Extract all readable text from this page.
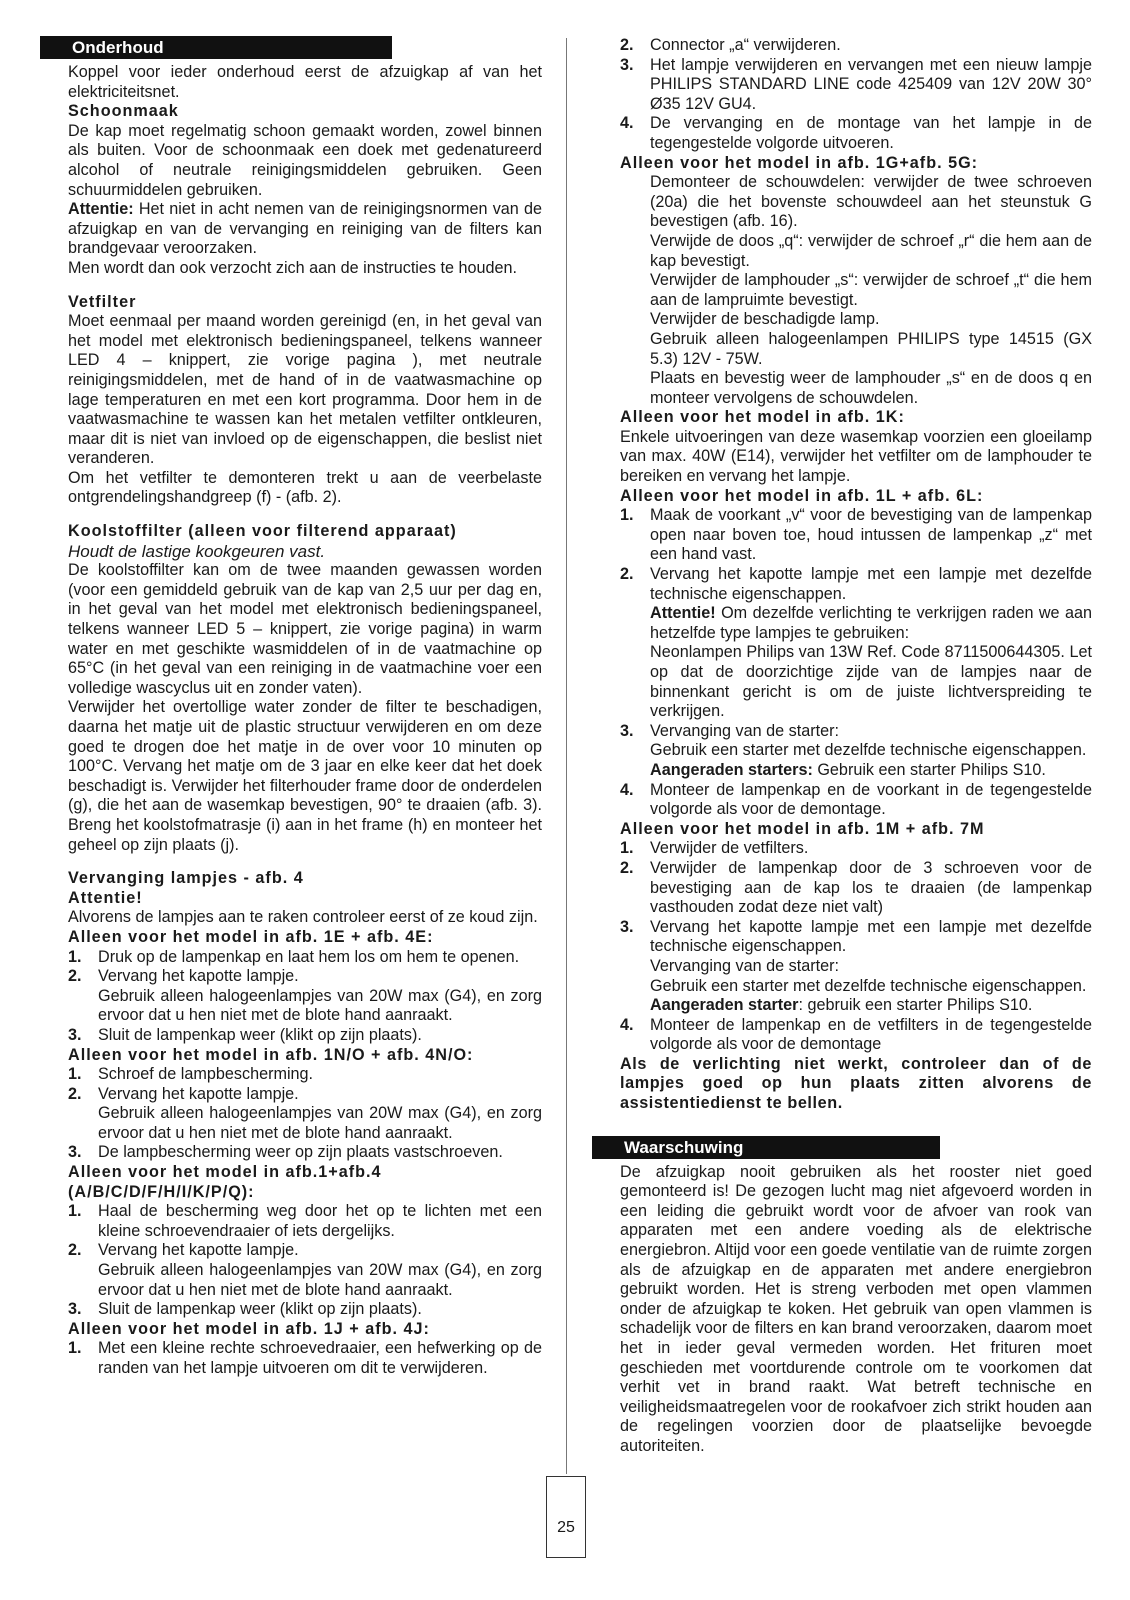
25
Onderhoud

Koppel voor ieder onderhoud eerst de afzuigkap af van het elektriciteitsnet.

Schoonmaak

De kap moet regelmatig schoon gemaakt worden, zowel binnen als buiten. Voor de schoonmaak een doek met gedenatureerd alcohol of neutrale reinigingsmiddelen gebruiken. Geen schuurmiddelen gebruiken.

Attentie: Het niet in acht nemen van de reinigingsnormen van de afzuigkap en van de vervanging en reiniging van de filters kan brandgevaar veroorzaken.

Men wordt dan ook verzocht zich aan de instructies te houden.

Vetfilter

Moet eenmaal per maand worden gereinigd (en, in het geval van het model met elektronisch bedieningspaneel, telkens wanneer LED 4 – knippert, zie vorige pagina ), met neutrale reinigingsmiddelen, met de hand of in de vaatwasmachine op lage temperaturen en met een kort programma. Door hem in de vaatwasmachine te wassen kan het metalen vetfilter ontkleuren, maar dit is niet van invloed op de eigenschappen, die beslist niet veranderen.

Om het vetfilter te demonteren trekt u aan de veerbelaste ontgrendelingshandgreep (f) - (afb. 2).

Koolstoffilter (alleen voor filterend apparaat)
Houdt de lastige kookgeuren vast.

De koolstoffilter kan om de twee maanden gewassen worden (voor een gemiddeld gebruik van de kap van 2,5 uur per dag en, in het geval van het model met elektronisch bedieningspaneel, telkens wanneer LED 5 – knippert, zie vorige pagina) in warm water en met geschikte wasmiddelen of in de vaatmachine op 65°C (in het geval van een reiniging in de vaatmachine voer een volledige wascyclus uit en zonder vaten).

Verwijder het overtollige water zonder de filter te beschadigen, daarna het matje uit de plastic structuur verwijderen en om deze goed te drogen doe het matje in de over voor 10 minuten op 100°C. Vervang het matje om de 3 jaar en elke keer dat het doek beschadigt is. Verwijder het filterhouder frame door de onderdelen (g), die het aan de wasemkap bevestigen, 90° te draaien (afb. 3). Breng het koolstofmatrasje (i) aan in het frame (h) en monteer het geheel op zijn plaats (j).

Vervanging lampjes - afb. 4
Attentie!

Alvorens de lampjes aan te raken controleer eerst of ze koud zijn.

Alleen voor het model in afb. 1E + afb. 4E:
1.	Druk op de lampenkap en laat hem los om hem te openen.
2.	Vervang het kapotte lampje.
Gebruik alleen halogeenlampjes van 20W max (G4), en zorg ervoor dat u hen niet met de blote hand aanraakt.
3.	Sluit de lampenkap weer (klikt op zijn plaats).
Alleen voor het model in afb. 1N/O + afb. 4N/O:
1.	Schroef de lampbescherming.
2.	Vervang het kapotte lampje.
Gebruik alleen halogeenlampjes van 20W max (G4), en zorg ervoor dat u hen niet met de blote hand aanraakt.
3.	De lampbescherming weer op zijn plaats vastschroeven.
Alleen voor het model in afb.1+afb.4 (A/B/C/D/F/H/I/K/P/Q):
1.	Haal de bescherming weg door het op te lichten met een kleine schroevendraaier of iets dergelijks.
2.	Vervang het kapotte lampje.
Gebruik alleen halogeenlampjes van 20W max (G4), en zorg ervoor dat u hen niet met de blote hand aanraakt.
3.	Sluit de lampenkap weer (klikt op zijn plaats).
Alleen voor het model in afb. 1J + afb. 4J:
1.	Met een kleine rechte schroevedraaier, een hefwerking op de randen van het lampje uitvoeren om dit te verwijderen.
2.	Connector „a“ verwijderen.
3.	Het lampje verwijderen en vervangen met een nieuw lampje PHILIPS STANDARD LINE code 425409 van 12V 20W 30° Ø35 12V GU4.
4.	De vervanging en de montage van het lampje in de tegengestelde volgorde uitvoeren.
Alleen voor het model in afb. 1G+afb. 5G:

Demonteer de schouwdelen: verwijder de twee schroeven (20a) die het bovenste schouwdeel aan het steunstuk G bevestigen (afb. 16).

Verwijde de doos „q“: verwijder de schroef „r“ die hem aan de kap bevestigt.

Verwijder de lamphouder „s“: verwijder de schroef „t“ die hem aan de lampruimte bevestigt.

Verwijder de beschadigde lamp.

Gebruik alleen halogeenlampen PHILIPS type 14515 (GX 5.3) 12V - 75W.

Plaats en bevestig weer de lamphouder „s“ en de doos q en monteer vervolgens de schouwdelen.

Alleen voor het model in afb. 1K:

Enkele uitvoeringen van deze wasemkap voorzien een gloeilamp van max. 40W (E14), verwijder het vetfilter om de lamphouder te bereiken en vervang het lampje.

Alleen voor het model in afb. 1L + afb. 6L:
1.	Maak de voorkant „v“ voor de bevestiging van de lampenkap open naar boven toe, houd intussen de lampenkap „z“ met een hand vast.
2.	Vervang het kapotte lampje met een lampje met dezelfde technische eigenschappen.

Attentie! Om dezelfde verlichting te verkrijgen raden we aan hetzelfde type lampjes te gebruiken:

Neonlampen Philips van 13W Ref. Code 8711500644305. Let op dat de doorzichtige zijde van de lampjes naar de binnenkant gericht is om de juiste lichtverspreiding te verkrijgen.

3.	Vervanging van de starter:

Gebruik een starter met dezelfde technische eigenschappen.

Aangeraden starters: Gebruik een starter Philips S10.

4.	Monteer de lampenkap en de voorkant in de tegengestelde volgorde als voor de demontage.
Alleen voor het model in afb. 1M + afb. 7M
1.	Verwijder de vetfilters.
2.	Verwijder de lampenkap door de 3 schroeven voor de bevestiging aan de kap los te draaien (de lampenkap vasthouden zodat deze niet valt)
3.	Vervang het kapotte lampje met een lampje met dezelfde technische eigenschappen.

Vervanging van de starter:

Gebruik een starter met dezelfde technische eigenschappen.

Aangeraden starter: gebruik een starter Philips S10.

4.	Monteer de lampenkap en de vetfilters in de tegengestelde volgorde als voor de demontage

Als de verlichting niet werkt, controleer dan of de lampjes goed op hun plaats zitten alvorens de assistentiedienst te bellen.

Waarschuwing

De afzuigkap nooit gebruiken als het rooster niet goed gemonteerd is! De gezogen lucht mag niet afgevoerd worden in een leiding die gebruikt wordt voor de afvoer van rook van apparaten met een andere voeding als de elektrische energiebron. Altijd voor een goede ventilatie van de ruimte zorgen als de afzuigkap en de apparaten met andere energiebron gebruikt worden. Het is streng verboden met open vlammen onder de afzuigkap te koken. Het gebruik van open vlammen is schadelijk voor de filters en kan brand veroorzaken, daarom moet het in ieder geval vermeden worden. Het frituren moet geschieden met voortdurende controle om te voorkomen dat verhit vet in brand raakt. Wat betreft technische en veiligheidsmaatregelen voor de rookafvoer zich strikt houden aan de regelingen voorzien door de plaatselijke bevoegde autoriteiten.
